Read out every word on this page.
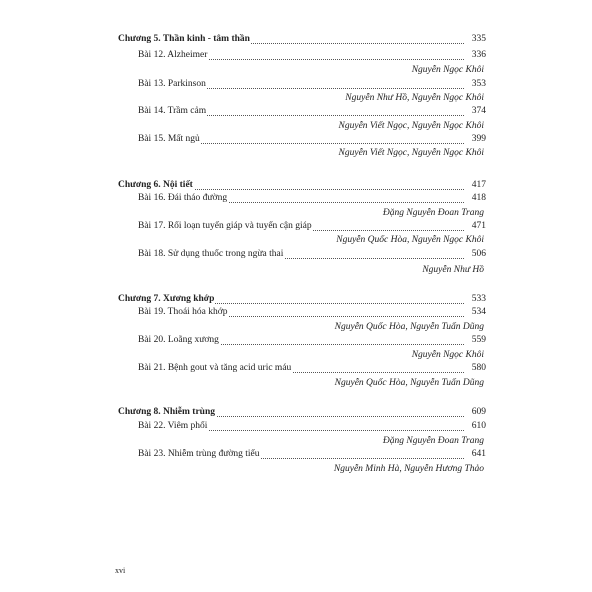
Chương 5. Thần kinh - tâm thần	335
Bài 12. Alzheimer	336
Nguyễn Ngọc Khôi
Bài 13. Parkinson	353
Nguyễn Như Hồ, Nguyễn Ngọc Khôi
Bài 14. Trầm cảm	374
Nguyễn Viết Ngọc, Nguyễn Ngọc Khôi
Bài 15. Mất ngủ	399
Nguyễn Viết Ngọc, Nguyễn Ngọc Khôi
Chương 6. Nội tiết	417
Bài 16. Đái tháo đường	418
Đặng Nguyễn Đoan Trang
Bài 17. Rối loạn tuyến giáp và tuyến cận giáp	471
Nguyễn Quốc Hòa, Nguyễn Ngọc Khôi
Bài 18. Sử dụng thuốc trong ngừa thai	506
Nguyễn Như Hồ
Chương 7. Xương khớp	533
Bài 19. Thoái hóa khớp	534
Nguyễn Quốc Hòa, Nguyễn Tuấn Dũng
Bài 20. Loãng xương	559
Nguyễn Ngọc Khôi
Bài 21. Bệnh gout và tăng acid uric máu	580
Nguyễn Quốc Hòa, Nguyễn Tuấn Dũng
Chương 8. Nhiễm trùng	609
Bài 22. Viêm phổi	610
Đặng Nguyễn Đoan Trang
Bài 23. Nhiễm trùng đường tiểu	641
Nguyễn Minh Hà, Nguyễn Hương Thảo
xvi
